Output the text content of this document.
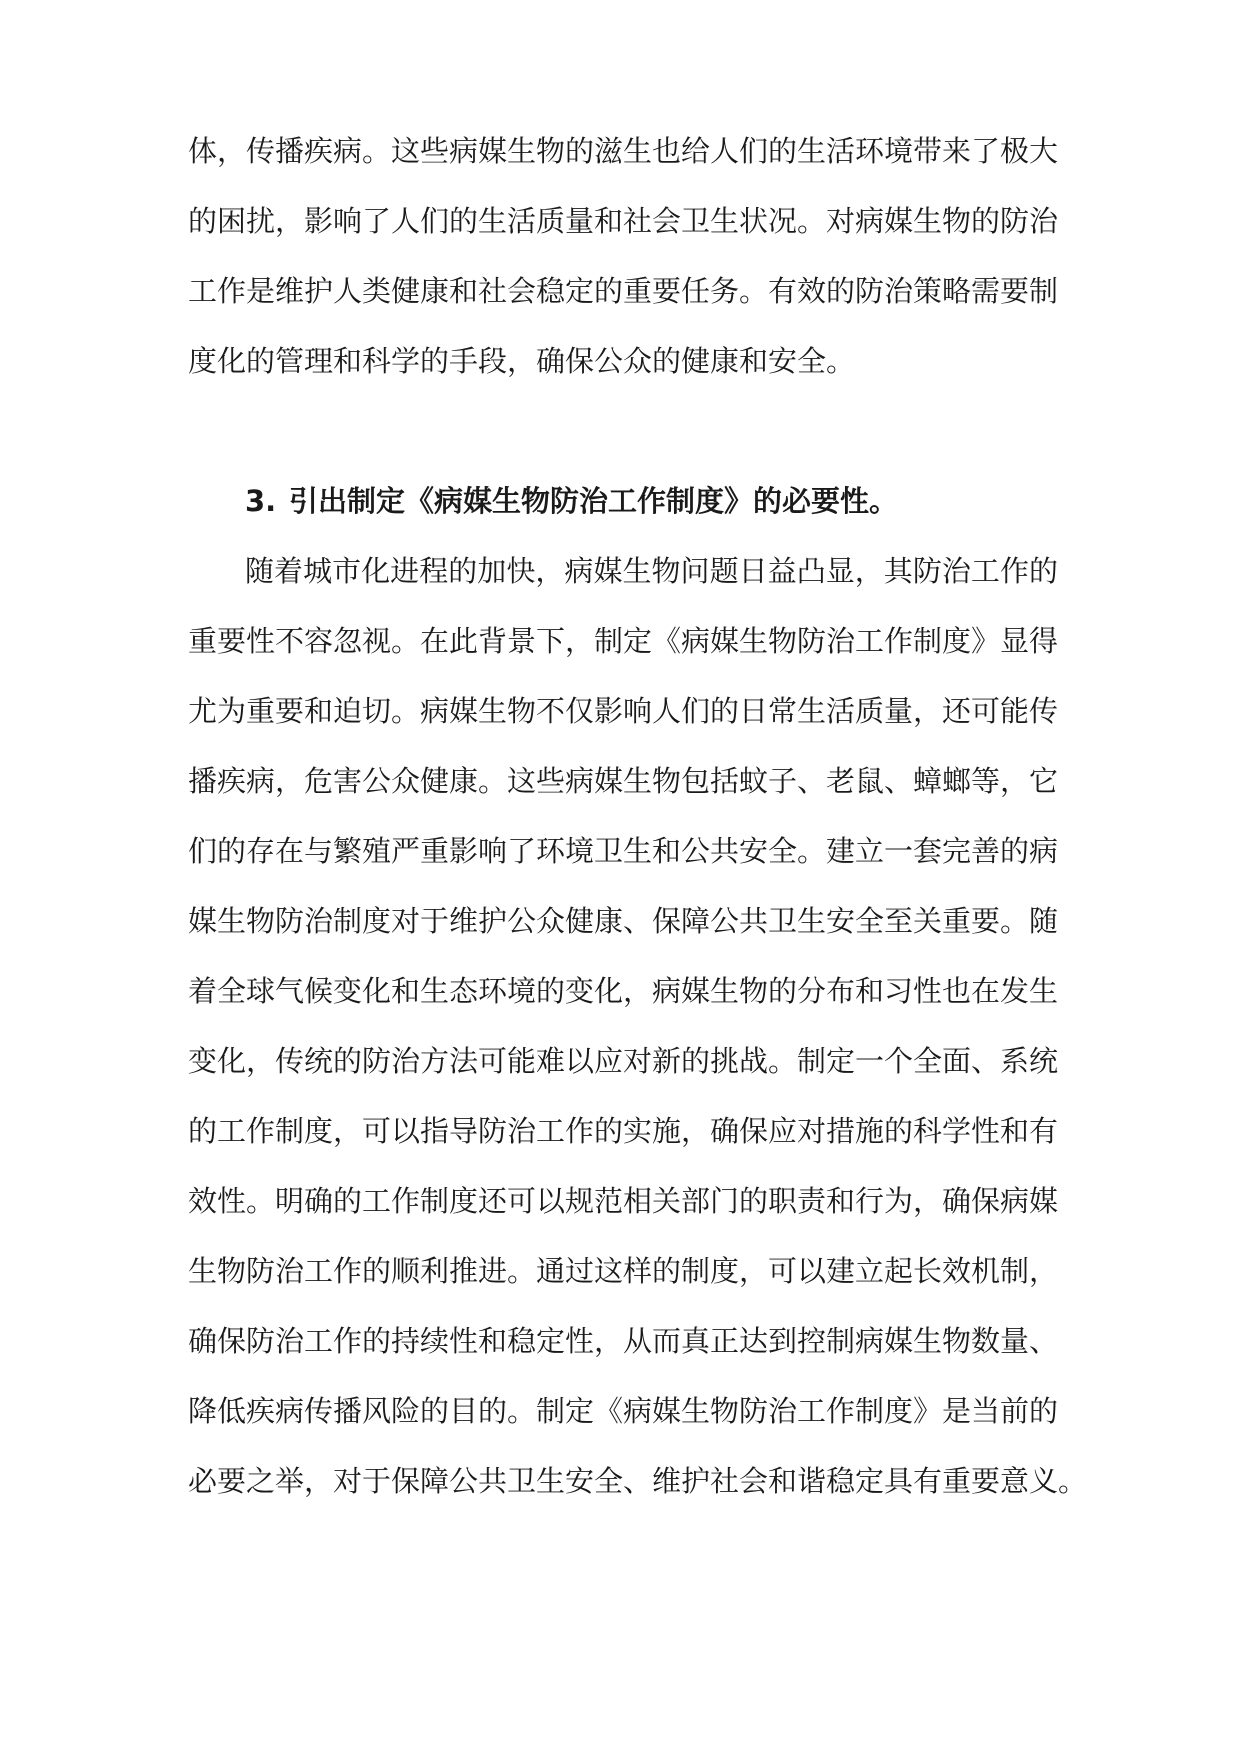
体，传播疾病。这些病媒生物的滋生也给人们的生活环境带来了极大
的困扰，影响了人们的生活质量和社会卫生状况。对病媒生物的防治
工作是维护人类健康和社会稳定的重要任务。有效的防治策略需要制
度化的管理和科学的手段，确保公众的健康和安全。
3. 引出制定《病媒生物防治工作制度》的必要性。
随着城市化进程的加快，病媒生物问题日益凸显，其防治工作的
重要性不容忽视。在此背景下，制定《病媒生物防治工作制度》显得
尤为重要和迫切。病媒生物不仅影响人们的日常生活质量，还可能传
播疾病，危害公众健康。这些病媒生物包括蚊子、老鼠、蟑螂等，它
们的存在与繁殖严重影响了环境卫生和公共安全。建立一套完善的病
媒生物防治制度对于维护公众健康、保障公共卫生安全至关重要。随
着全球气候变化和生态环境的变化，病媒生物的分布和习性也在发生
变化，传统的防治方法可能难以应对新的挑战。制定一个全面、系统
的工作制度，可以指导防治工作的实施，确保应对措施的科学性和有
效性。明确的工作制度还可以规范相关部门的职责和行为，确保病媒
生物防治工作的顺利推进。通过这样的制度，可以建立起长效机制，
确保防治工作的持续性和稳定性，从而真正达到控制病媒生物数量、
降低疾病传播风险的目的。制定《病媒生物防治工作制度》是当前的
必要之举，对于保障公共卫生安全、维护社会和谐稳定具有重要意义。
